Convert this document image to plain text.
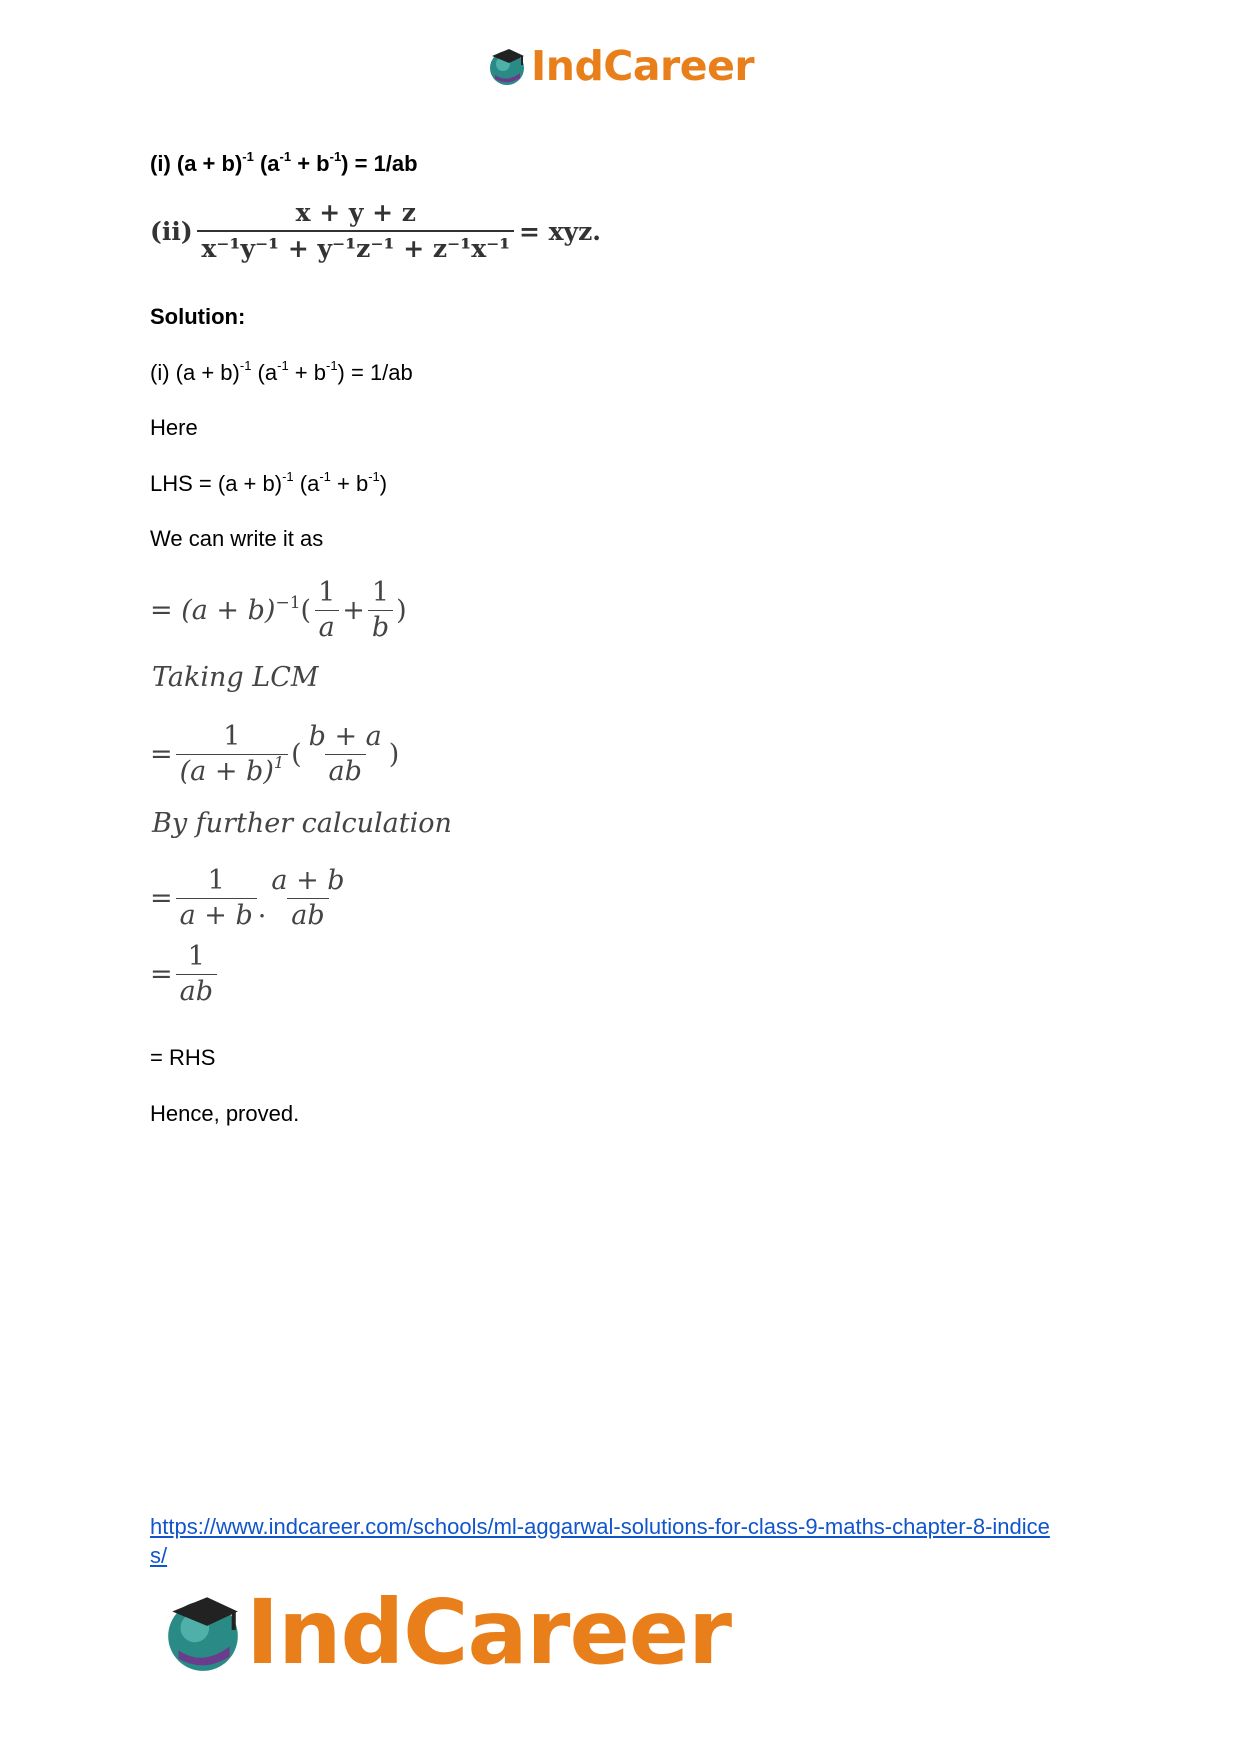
IndCareer
(i) $(a + b)^{-1}$ $(a^{-1} + b^{-1}) = 1/ab$
$(ii) \frac{x + y + z}{\text{x⁻¹y⁻¹ + y⁻¹z⁻¹ + z⁻¹x⁻¹}}$ = xyz.
Solution:
(i) $(a + b)^{-1}$ $(a^{-1} + b^{-1}) = 1/ab$
Here
LHS = $(a + b)^{-1}$ $(a^{-1} + b^{-1})$
We can write it as
= $(a + b)^{-1}$ ( $\frac{1}{a} + \frac{1}{b}$ )
Taking LCM
= $\frac{1}{(a + b)^1}$ ( $\frac{b + a}{ab}$ )
By further calculation
= $\frac{1}{a + b}$ . $\frac{a + b}{ab}$
= $\frac{1}{ab}$
= RHS
Hence, proved.
https://www.indcareer.com/schools/ml-aggarwal-solutions-for-class-9-maths-chapter-8-indice
s/
IndCareer
